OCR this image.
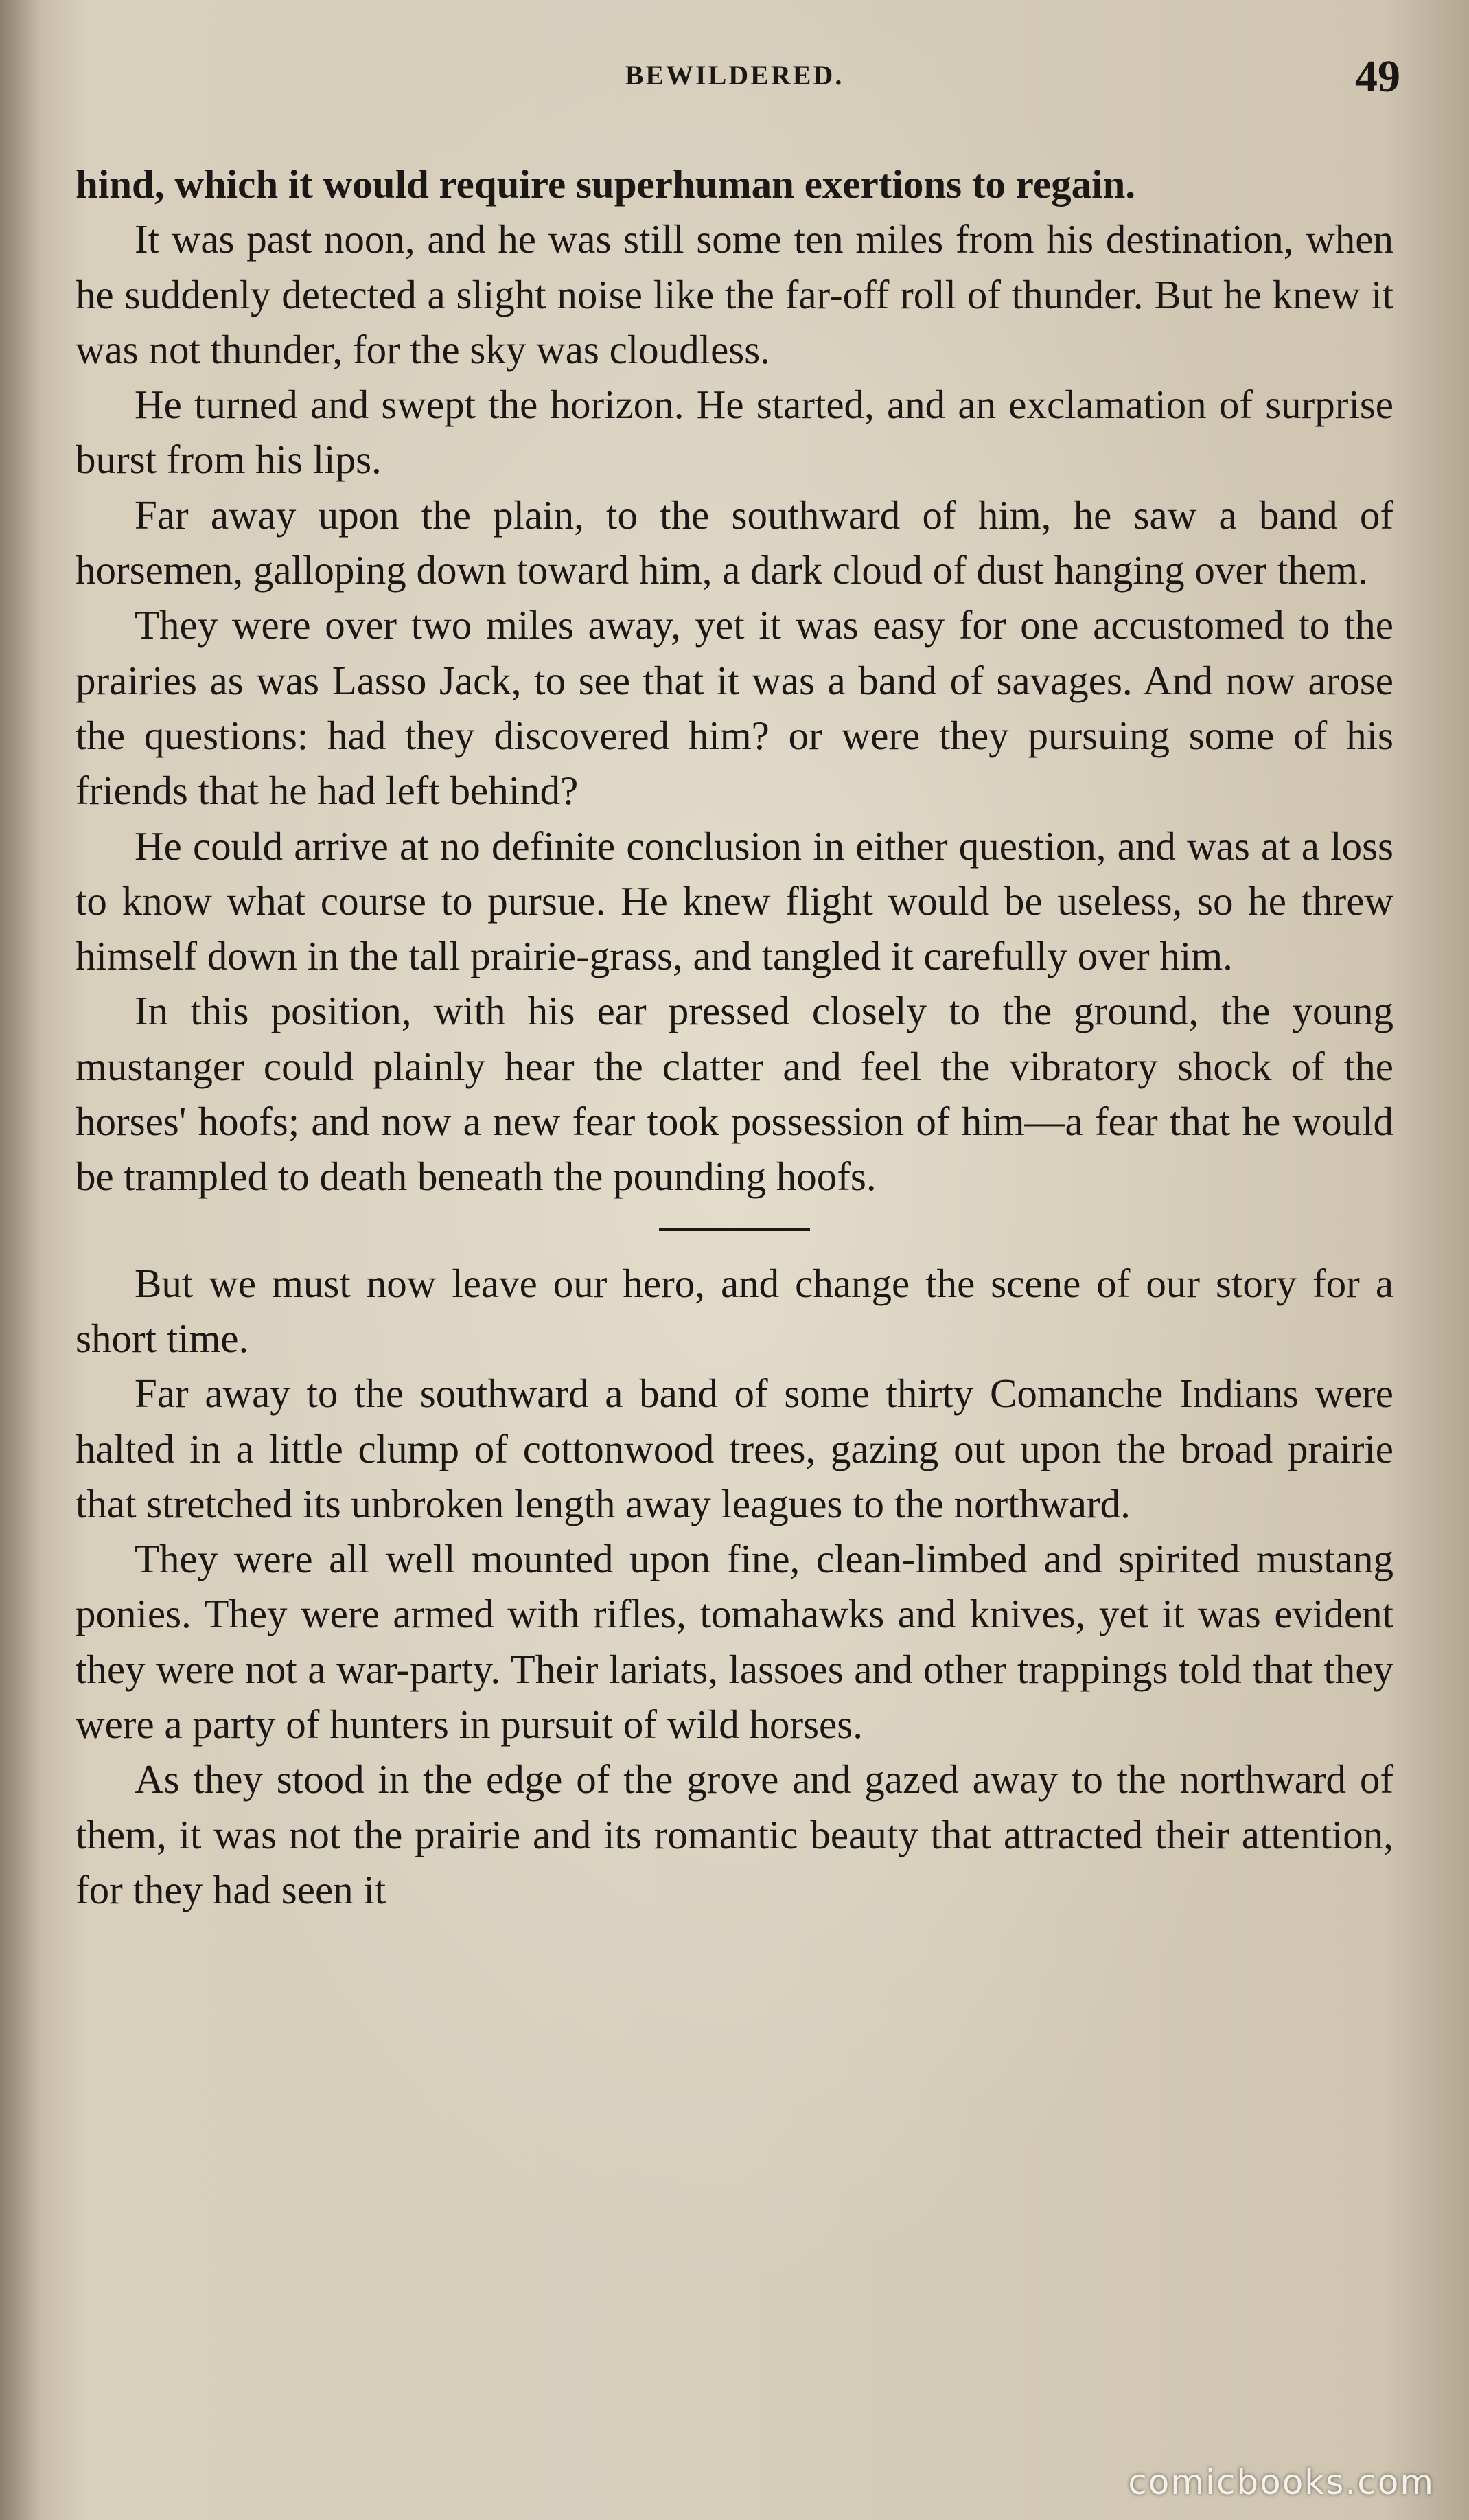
BEWILDERED.	49

hind, which it would require superhuman exertions to regain.

It was past noon, and he was still some ten miles from his destination, when he suddenly detected a slight noise like the far-off roll of thunder. But he knew it was not thunder, for the sky was cloudless.

He turned and swept the horizon. He started, and an exclamation of surprise burst from his lips.

Far away upon the plain, to the southward of him, he saw a band of horsemen, galloping down toward him, a dark cloud of dust hanging over them.

They were over two miles away, yet it was easy for one accustomed to the prairies as was Lasso Jack, to see that it was a band of savages. And now arose the questions: had they discovered him? or were they pursuing some of his friends that he had left behind?

He could arrive at no definite conclusion in either question, and was at a loss to know what course to pursue. He knew flight would be useless, so he threw himself down in the tall prairie-grass, and tangled it carefully over him.

In this position, with his ear pressed closely to the ground, the young mustanger could plainly hear the clatter and feel the vibratory shock of the horses' hoofs; and now a new fear took possession of him—a fear that he would be trampled to death beneath the pounding hoofs.

But we must now leave our hero, and change the scene of our story for a short time.

Far away to the southward a band of some thirty Comanche Indians were halted in a little clump of cottonwood trees, gazing out upon the broad prairie that stretched its unbroken length away leagues to the northward.

They were all well mounted upon fine, clean-limbed and spirited mustang ponies. They were armed with rifles, tomahawks and knives, yet it was evident they were not a war-party. Their lariats, lassoes and other trappings told that they were a party of hunters in pursuit of wild horses.

As they stood in the edge of the grove and gazed away to the northward of them, it was not the prairie and its romantic beauty that attracted their attention, for they had seen it

comicbooks.com
